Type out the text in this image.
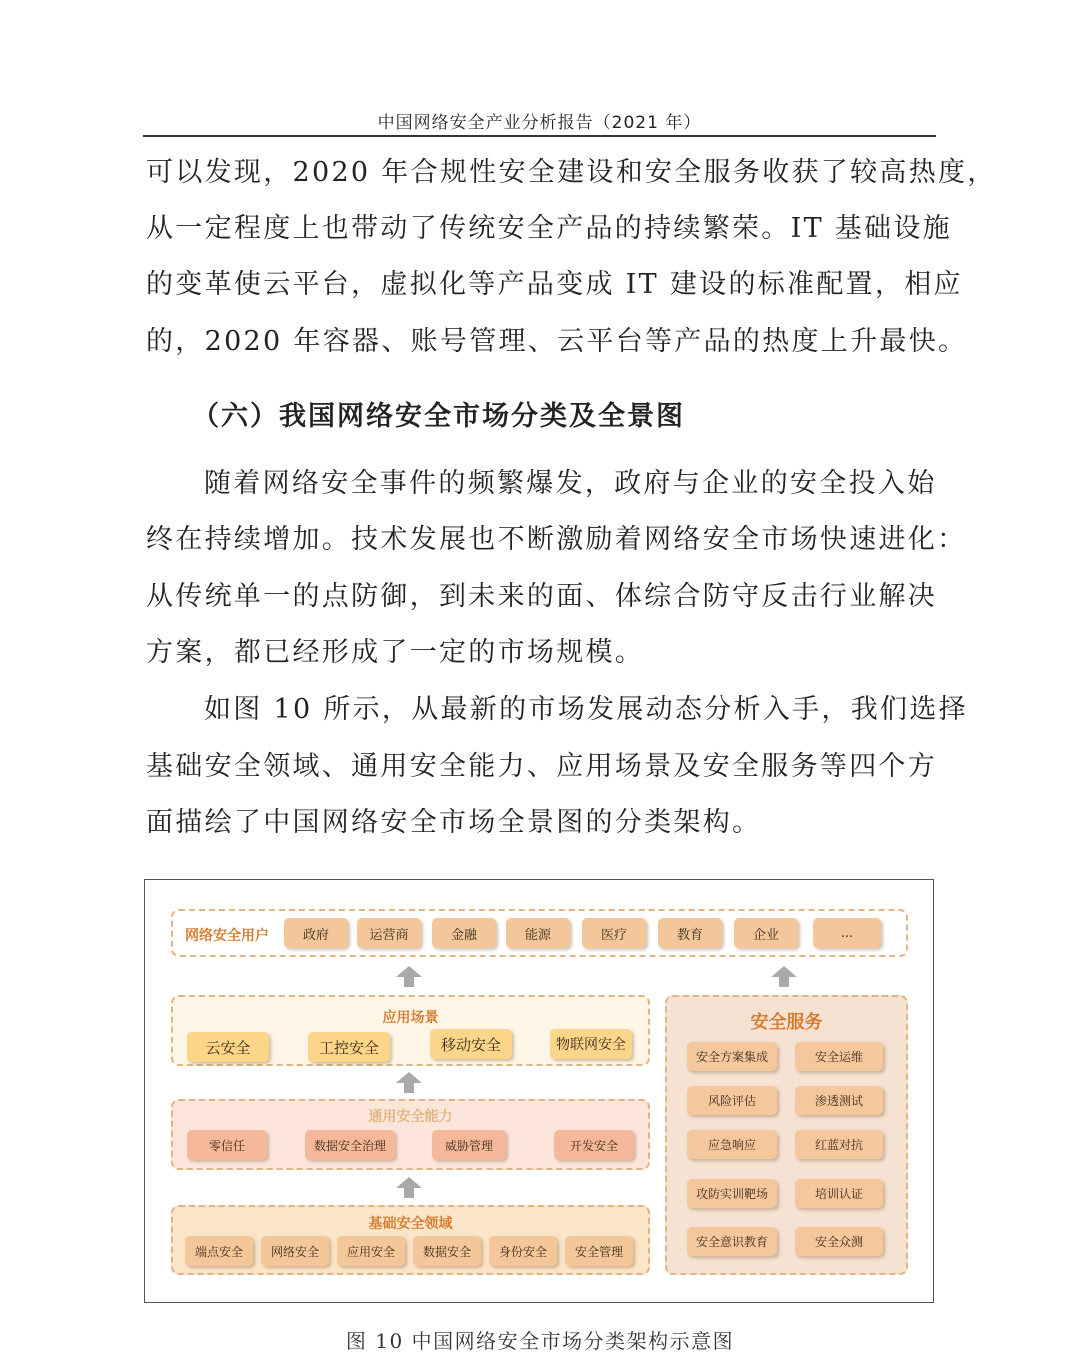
中国网络安全产业分析报告（2021 年）
可以发现，2020 年合规性安全建设和安全服务收获了较高热度，
从一定程度上也带动了传统安全产品的持续繁荣。IT 基础设施
的变革使云平台，虚拟化等产品变成 IT 建设的标准配置，相应
的，2020 年容器、账号管理、云平台等产品的热度上升最快。
（六）我国网络安全市场分类及全景图
随着网络安全事件的频繁爆发，政府与企业的安全投入始
终在持续增加。技术发展也不断激励着网络安全市场快速进化：
从传统单一的点防御，到未来的面、体综合防守反击行业解决
方案，都已经形成了一定的市场规模。
如图 10 所示，从最新的市场发展动态分析入手，我们选择
基础安全领域、通用安全能力、应用场景及安全服务等四个方
面描绘了中国网络安全市场全景图的分类架构。
网络安全用户	政府	运营商	金融	能源	医疗	教育	企业	...
应用场景
云安全	工控安全	移动安全	物联网安全
通用安全能力
零信任	数据安全治理	威胁管理	开发安全
基础安全领域
端点安全	网络安全	应用安全	数据安全	身份安全	安全管理
安全服务
安全方案集成	安全运维
风险评估	渗透测试
应急响应	红蓝对抗
攻防实训靶场	培训认证
安全意识教育	安全众测
图 10 中国网络安全市场分类架构示意图
